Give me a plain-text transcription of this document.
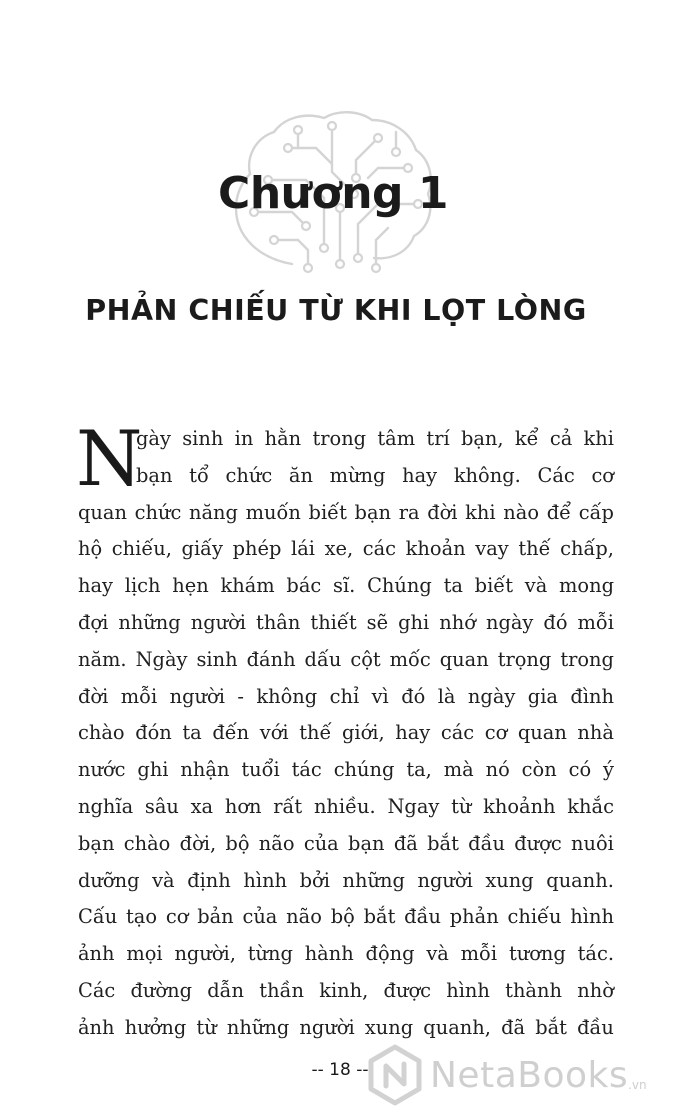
Chương 1
PHẢN CHIẾU TỪ KHI LỌT LÒNG
N
gày sinh in hằn trong tâm trí bạn, kể cả khi
bạn tổ chức ăn mừng hay không. Các cơ
quan chức năng muốn biết bạn ra đời khi nào để cấp
hộ chiếu, giấy phép lái xe, các khoản vay thế chấp,
hay lịch hẹn khám bác sĩ. Chúng ta biết và mong
đợi những người thân thiết sẽ ghi nhớ ngày đó mỗi
năm. Ngày sinh đánh dấu cột mốc quan trọng trong
đời mỗi người - không chỉ vì đó là ngày gia đình
chào đón ta đến với thế giới, hay các cơ quan nhà
nước ghi nhận tuổi tác chúng ta, mà nó còn có ý
nghĩa sâu xa hơn rất nhiều. Ngay từ khoảnh khắc
bạn chào đời, bộ não của bạn đã bắt đầu được nuôi
dưỡng và định hình bởi những người xung quanh.
Cấu tạo cơ bản của não bộ bắt đầu phản chiếu hình
ảnh mọi người, từng hành động và mỗi tương tác.
Các đường dẫn thần kinh, được hình thành nhờ
ảnh hưởng từ những người xung quanh, đã bắt đầu
-- 18 --	NetaBooks .vn
